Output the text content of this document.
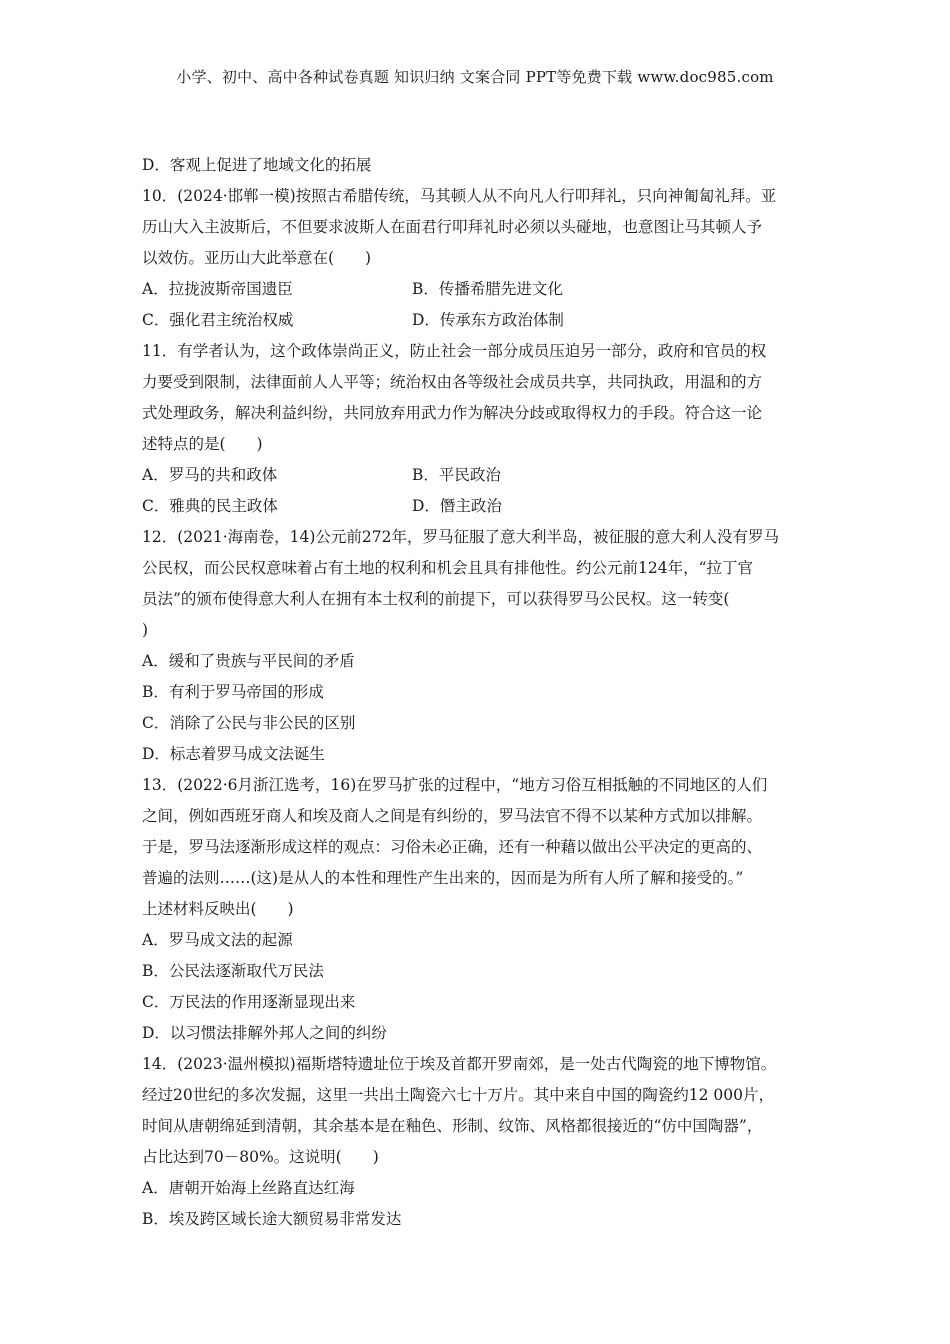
小学、初中、高中各种试卷真题 知识归纳 文案合同 PPT等免费下载 www.doc985.com
D．客观上促进了地域文化的拓展
10．(2024·邯郸一模)按照古希腊传统，马其顿人从不向凡人行叩拜礼，只向神匍匐礼拜。亚
历山大入主波斯后，不但要求波斯人在面君行叩拜礼时必须以头碰地，也意图让马其顿人予
以效仿。亚历山大此举意在(　　)
A．拉拢波斯帝国遗臣	B．传播希腊先进文化
C．强化君主统治权威	D．传承东方政治体制
11．有学者认为，这个政体崇尚正义，防止社会一部分成员压迫另一部分，政府和官员的权
力要受到限制，法律面前人人平等；统治权由各等级社会成员共享，共同执政，用温和的方
式处理政务，解决利益纠纷，共同放弃用武力作为解决分歧或取得权力的手段。符合这一论
述特点的是(　　)
A．罗马的共和政体	B．平民政治
C．雅典的民主政体	D．僭主政治
12．(2021·海南卷，14)公元前272年，罗马征服了意大利半岛，被征服的意大利人没有罗马
公民权，而公民权意味着占有土地的权利和机会且具有排他性。约公元前124年，“拉丁官
员法”的颁布使得意大利人在拥有本土权利的前提下，可以获得罗马公民权。这一转变(
)
A．缓和了贵族与平民间的矛盾
B．有利于罗马帝国的形成
C．消除了公民与非公民的区别
D．标志着罗马成文法诞生
13．(2022·6月浙江选考，16)在罗马扩张的过程中，“地方习俗互相抵触的不同地区的人们
之间，例如西班牙商人和埃及商人之间是有纠纷的，罗马法官不得不以某种方式加以排解。
于是，罗马法逐渐形成这样的观点：习俗未必正确，还有一种藉以做出公平决定的更高的、
普遍的法则……(这)是从人的本性和理性产生出来的，因而是为所有人所了解和接受的。”
上述材料反映出(　　)
A．罗马成文法的起源
B．公民法逐渐取代万民法
C．万民法的作用逐渐显现出来
D．以习惯法排解外邦人之间的纠纷
14．(2023·温州模拟)福斯塔特遗址位于埃及首都开罗南郊，是一处古代陶瓷的地下博物馆。
经过20世纪的多次发掘，这里一共出土陶瓷六七十万片。其中来自中国的陶瓷约12 000片，
时间从唐朝绵延到清朝，其余基本是在釉色、形制、纹饰、风格都很接近的“仿中国陶器”，
占比达到70－80%。这说明(　　)
A．唐朝开始海上丝路直达红海
B．埃及跨区域长途大额贸易非常发达
